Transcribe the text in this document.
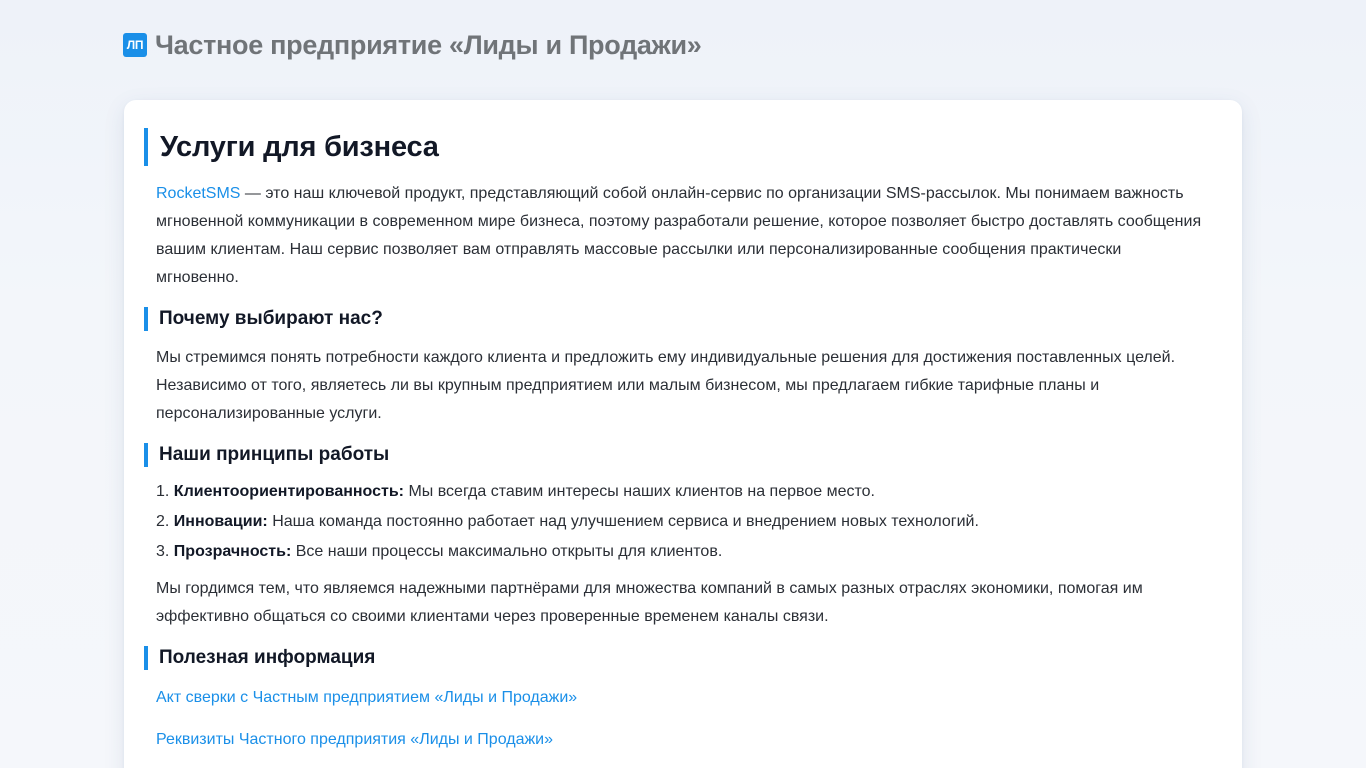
ЛП Частное предприятие «Лиды и Продажи»
Услуги для бизнеса

RocketSMS — это наш ключевой продукт, представляющий собой онлайн-сервис по организации SMS-рассылок. Мы понимаем важность мгновенной коммуникации в современном мире бизнеса, поэтому разработали решение, которое позволяет быстро доставлять сообщения вашим клиентам. Наш сервис позволяет вам отправлять массовые рассылки или персонализированные сообщения практически мгновенно.

Почему выбирают нас?

Мы стремимся понять потребности каждого клиента и предложить ему индивидуальные решения для достижения поставленных целей. Независимо от того, являетесь ли вы крупным предприятием или малым бизнесом, мы предлагаем гибкие тарифные планы и персонализированные услуги.

Наши принципы работы
1. Клиентоориентированность: Мы всегда ставим интересы наших клиентов на первое место.
2. Инновации: Наша команда постоянно работает над улучшением сервиса и внедрением новых технологий.
3. Прозрачность: Все наши процессы максимально открыты для клиентов.

Мы гордимся тем, что являемся надежными партнёрами для множества компаний в самых разных отраслях экономики, помогая им эффективно общаться со своими клиентами через проверенные временем каналы связи.

Полезная информация
Акт сверки с Частным предприятием «Лиды и Продажи»
Реквизиты Частного предприятия «Лиды и Продажи»
